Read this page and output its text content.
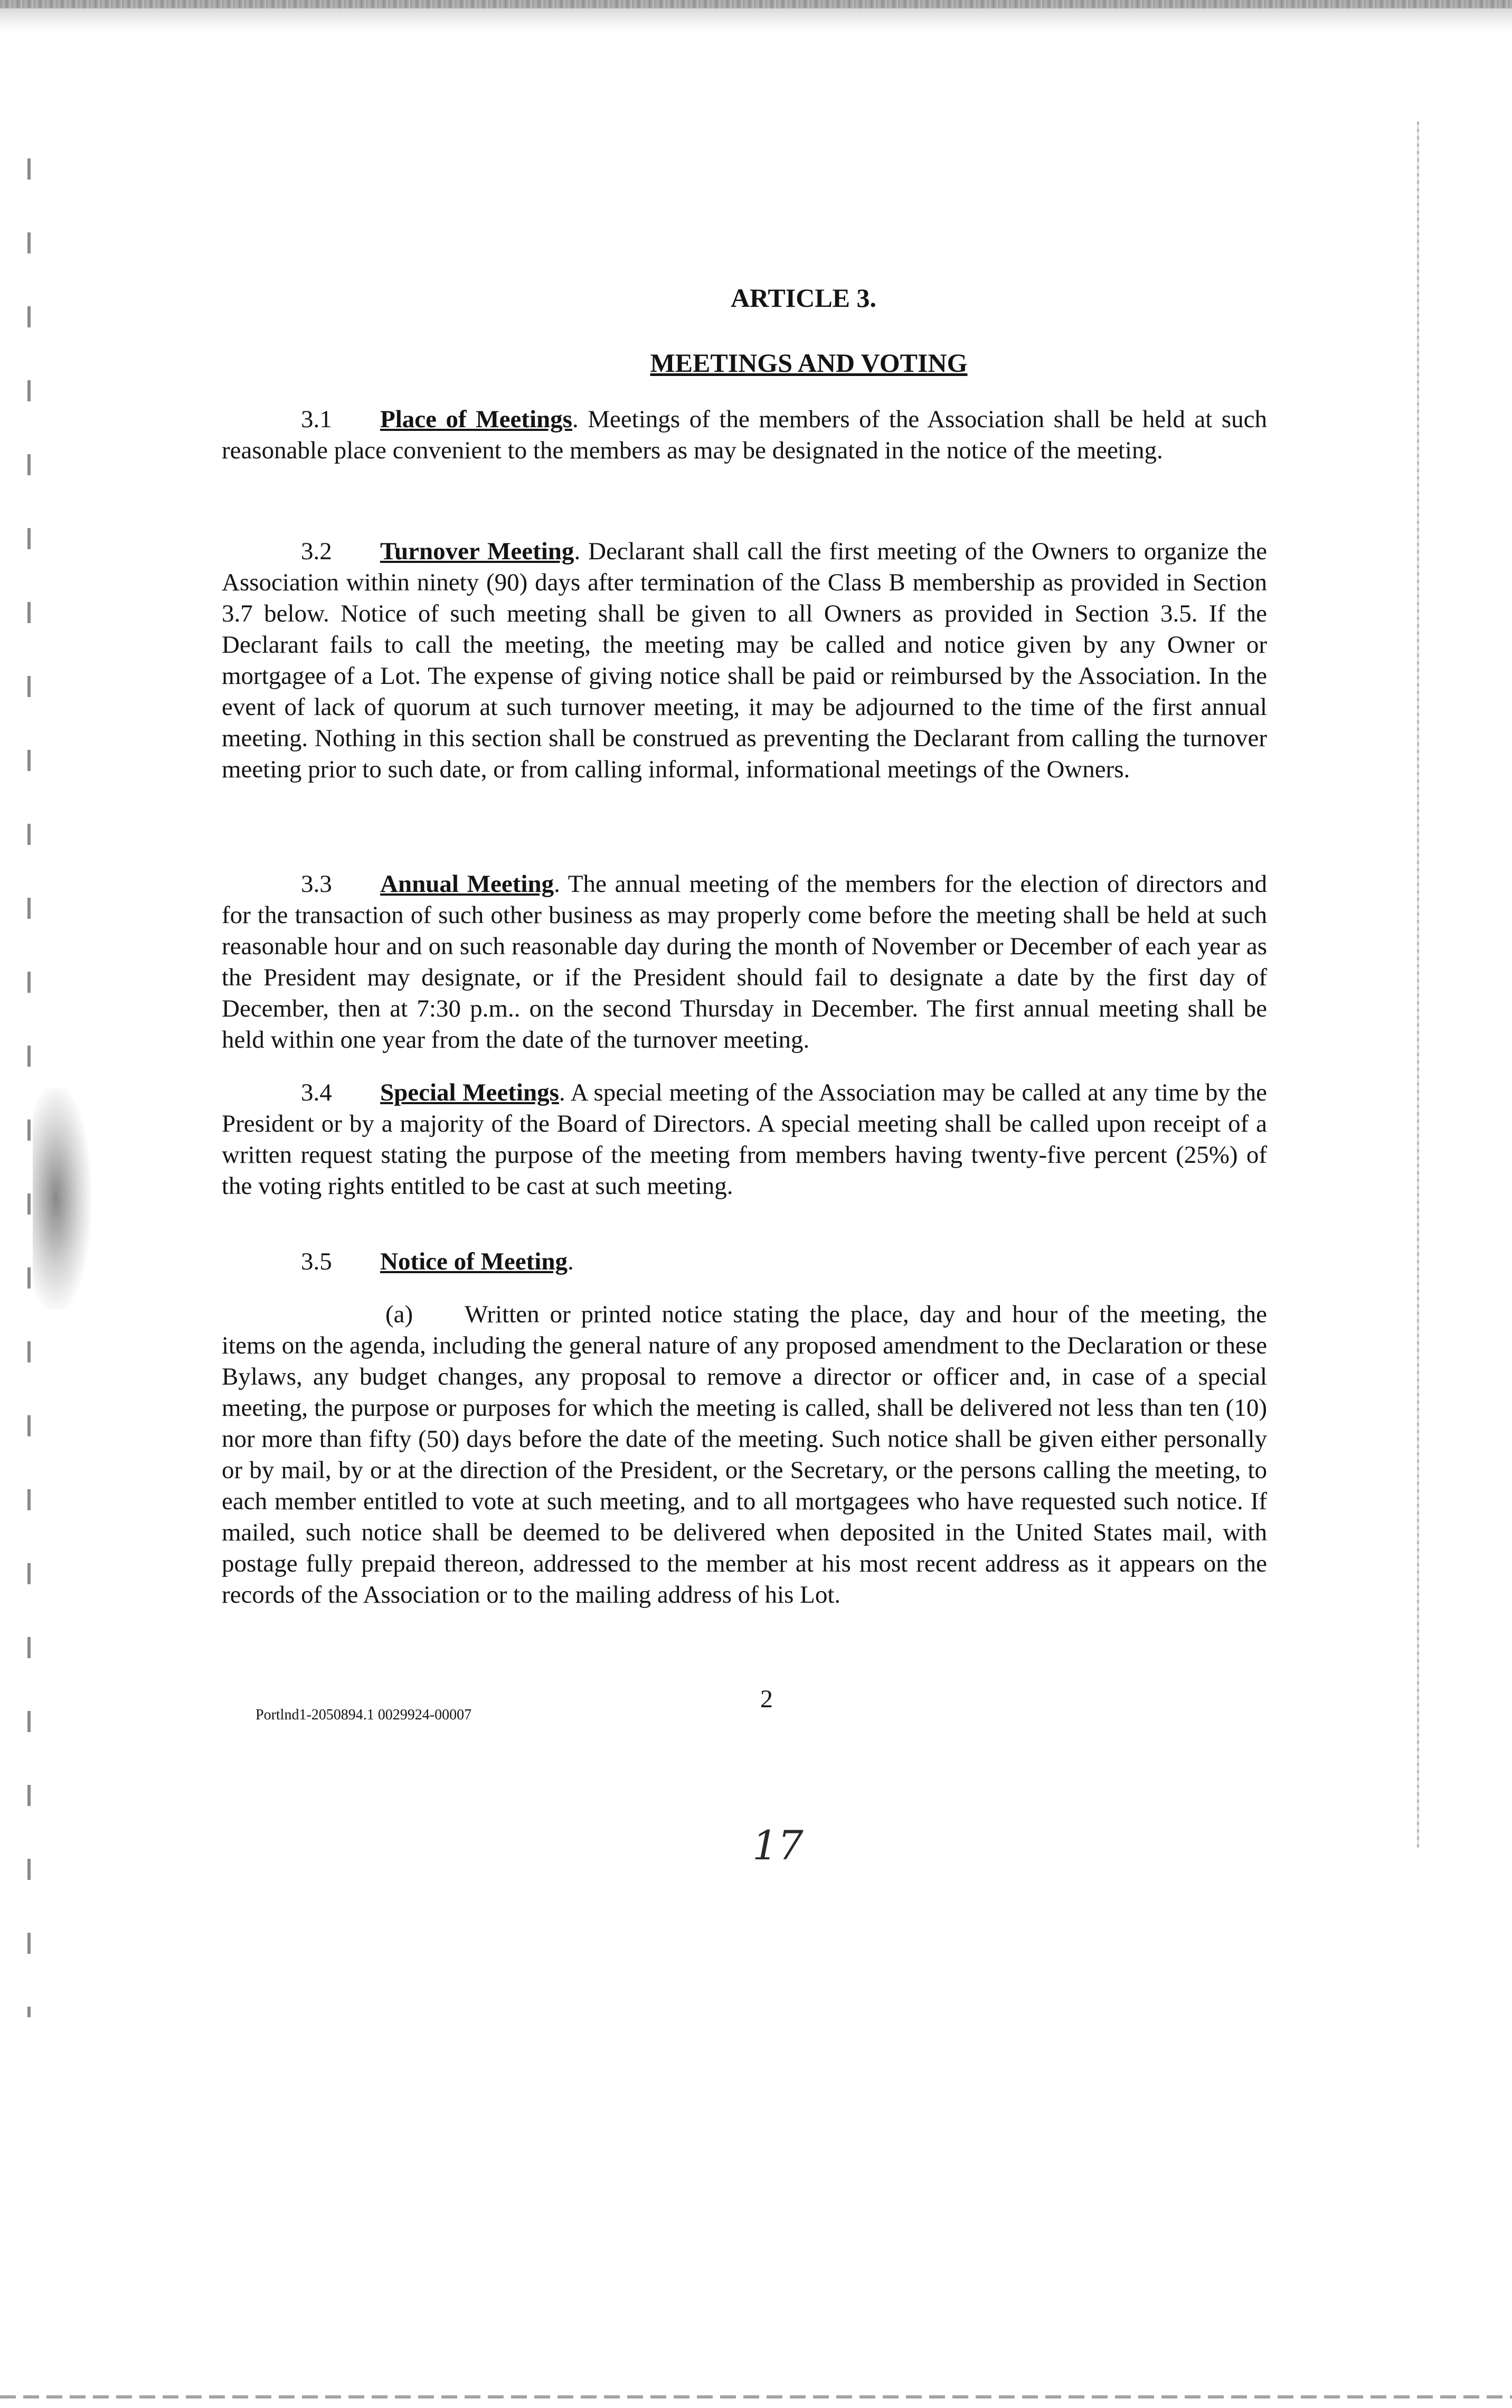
ARTICLE 3.
MEETINGS AND VOTING

3.1 Place of Meetings. Meetings of the members of the Association shall be held at such reasonable place convenient to the members as may be designated in the notice of the meeting.

3.2 Turnover Meeting. Declarant shall call the first meeting of the Owners to organize the Association within ninety (90) days after termination of the Class B membership as provided in Section 3.7 below. Notice of such meeting shall be given to all Owners as provided in Section 3.5. If the Declarant fails to call the meeting, the meeting may be called and notice given by any Owner or mortgagee of a Lot. The expense of giving notice shall be paid or reimbursed by the Association. In the event of lack of quorum at such turnover meeting, it may be adjourned to the time of the first annual meeting. Nothing in this section shall be construed as preventing the Declarant from calling the turnover meeting prior to such date, or from calling informal, informational meetings of the Owners.

3.3 Annual Meeting. The annual meeting of the members for the election of directors and for the transaction of such other business as may properly come before the meeting shall be held at such reasonable hour and on such reasonable day during the month of November or December of each year as the President may designate, or if the President should fail to designate a date by the first day of December, then at 7:30 p.m.. on the second Thursday in December. The first annual meeting shall be held within one year from the date of the turnover meeting.

3.4 Special Meetings. A special meeting of the Association may be called at any time by the President or by a majority of the Board of Directors. A special meeting shall be called upon receipt of a written request stating the purpose of the meeting from members having twenty-five percent (25%) of the voting rights entitled to be cast at such meeting.

3.5 Notice of Meeting.

(a) Written or printed notice stating the place, day and hour of the meeting, the items on the agenda, including the general nature of any proposed amendment to the Declaration or these Bylaws, any budget changes, any proposal to remove a director or officer and, in case of a special meeting, the purpose or purposes for which the meeting is called, shall be delivered not less than ten (10) nor more than fifty (50) days before the date of the meeting. Such notice shall be given either personally or by mail, by or at the direction of the President, or the Secretary, or the persons calling the meeting, to each member entitled to vote at such meeting, and to all mortgagees who have requested such notice. If mailed, such notice shall be deemed to be delivered when deposited in the United States mail, with postage fully prepaid thereon, addressed to the member at his most recent address as it appears on the records of the Association or to the mailing address of his Lot.

Portlnd1-2050894.1 0029924-00007

2

17
